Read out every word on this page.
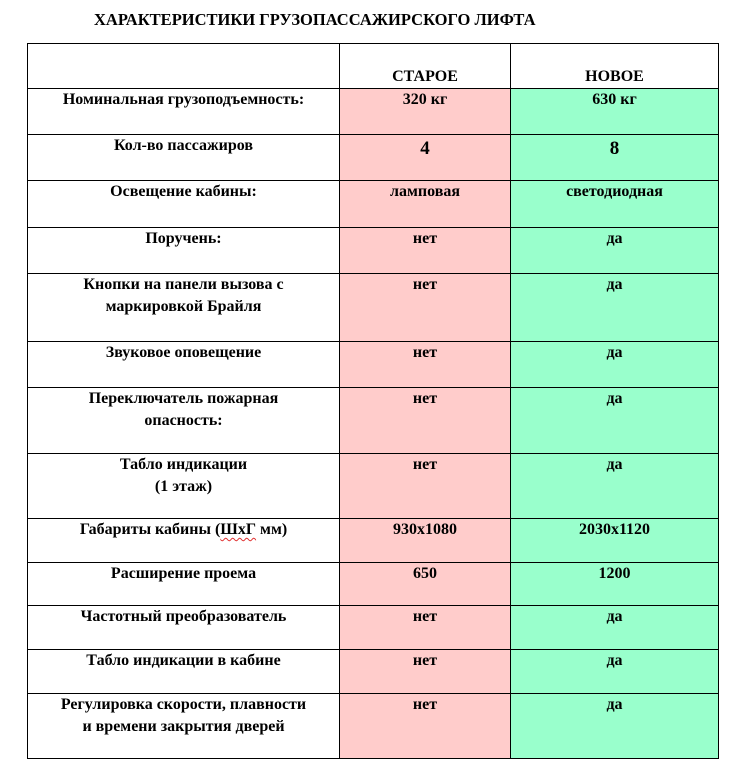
ХАРАКТЕРИСТИКИ ГРУЗОПАССАЖИРСКОГО ЛИФТА
	СТАРОЕ	НОВОЕ
Номинальная грузоподъемность:	320 кг	630 кг
Кол-во пассажиров	4	8
Освещение кабины:	ламповая	светодиодная
Поручень:	нет	да
Кнопки на панели вызова с
маркировкой Брайля	нет	да
Звуковое оповещение	нет	да
Переключатель пожарная
опасность:	нет	да
Табло индикации
(1 этаж)	нет	да
Габариты кабины (ШхГ мм)	930x1080	2030x1120
Расширение проема	650	1200
Частотный преобразователь	нет	да
Табло индикации в кабине	нет	да
Регулировка скорости, плавности
и времени закрытия дверей	нет	да
